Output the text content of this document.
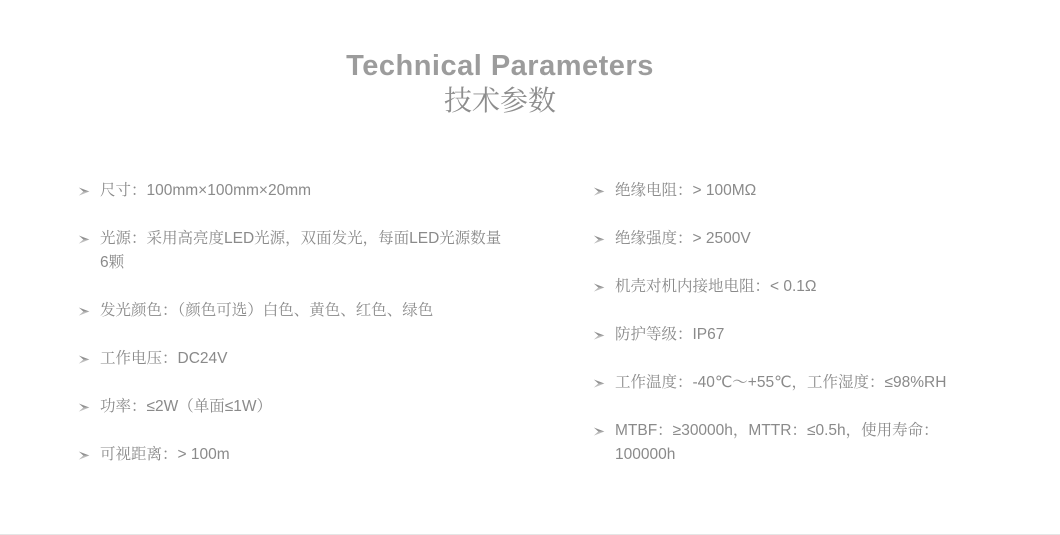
Technical Parameters
技术参数
尺寸：100mm×100mm×20mm
光源：采用高亮度LED光源，双面发光，每面LED光源数量6颗
发光颜色：（颜色可选）白色、黄色、红色、绿色
工作电压：DC24V
功率：≤2W（单面≤1W）
可视距离：> 100m
绝缘电阻：> 100MΩ
绝缘强度：> 2500V
机壳对机内接地电阻：< 0.1Ω
防护等级：IP67
工作温度：-40℃～+55℃，工作湿度：≤98%RH
MTBF：≥30000h，MTTR：≤0.5h，使用寿命：100000h
